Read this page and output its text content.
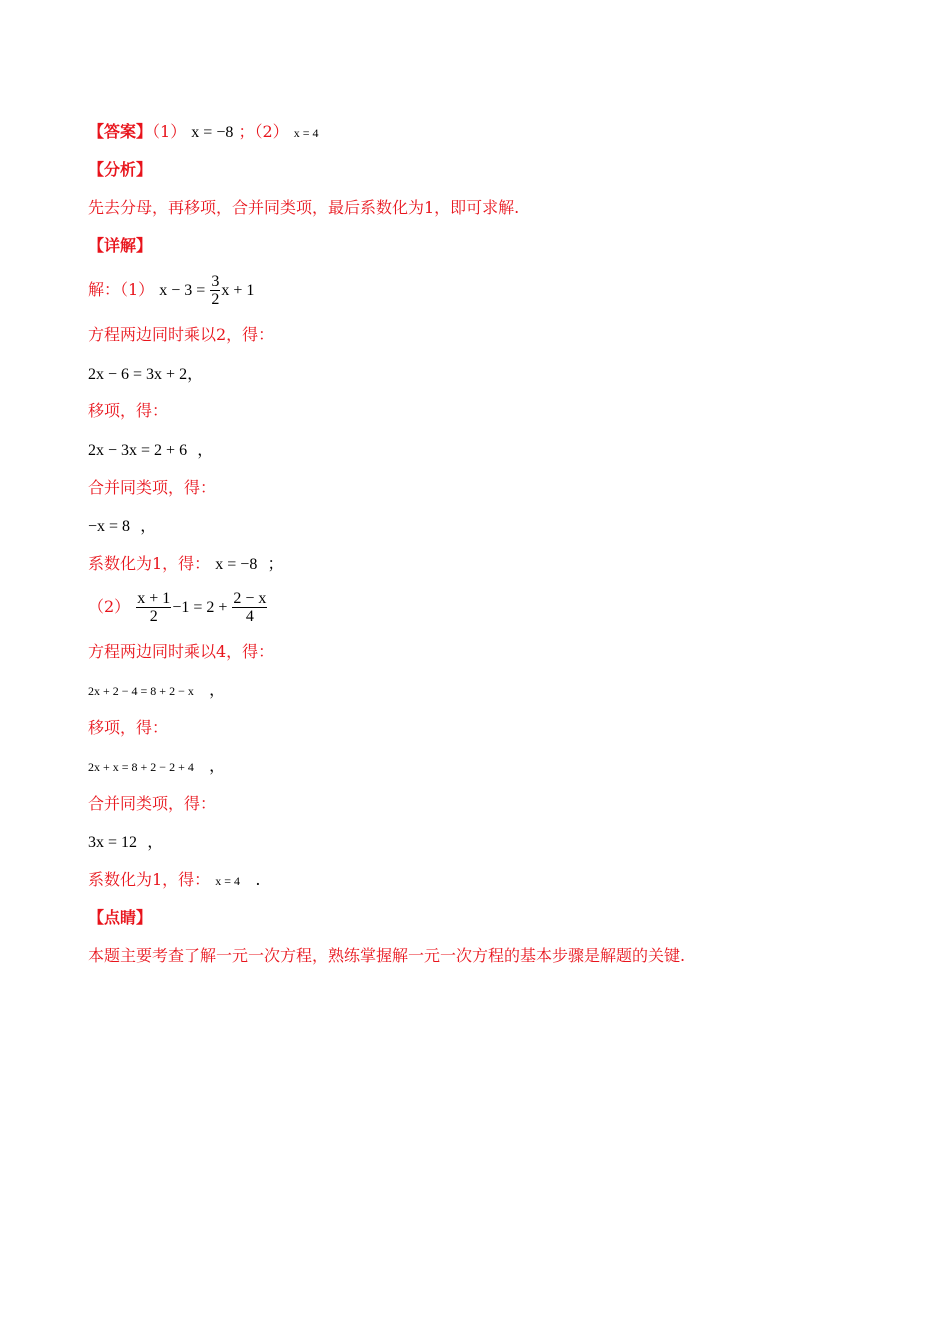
【答案】（1） x = −8 ；（2） x = 4
【分析】
先去分母，再移项，合并同类项，最后系数化为1，即可求解.
【详解】
解：（1） $x - 3 = \frac{3}{2}$ x + 1
方程两边同时乘以2，得：
2x − 6 = 3x + 2，
移项，得：
2x − 3x = 2 + 6 ，
合并同类项，得：
−x = 8 ，
系数化为1，得： x = −8 ；
$(2) \frac{x + 1}{2} -1 = 2 + \frac{2 - x}{4}$
方程两边同时乘以4，得：
2x + 2 − 4 = 8 + 2 − x ，
移项，得：
2x + x = 8 + 2 − 2 + 4 ，
合并同类项，得：
3x = 12 ，
系数化为1，得： x = 4 .
【点睛】
本题主要考查了解一元一次方程，熟练掌握解一元一次方程的基本步骤是解题的关键.
